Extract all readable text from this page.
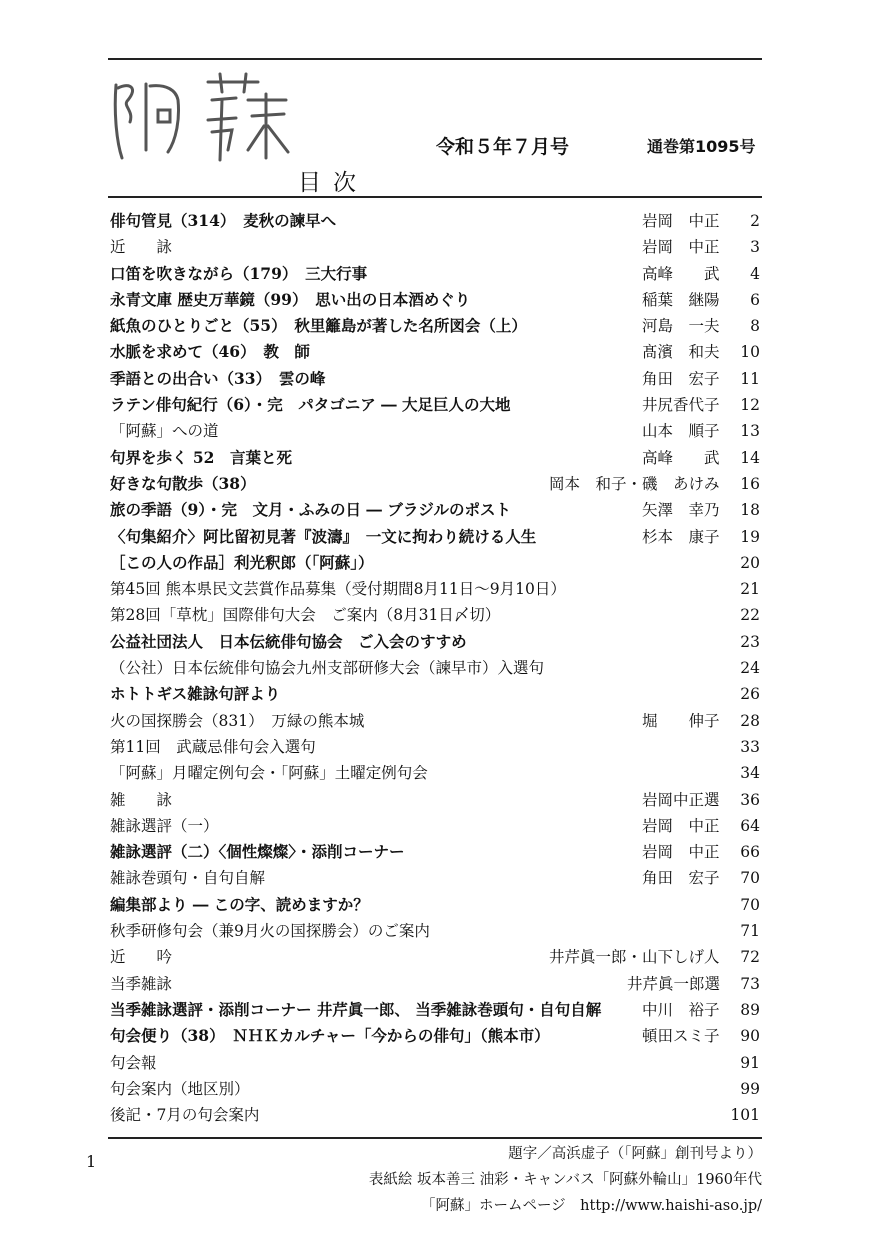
阿蘇
令和５年７月号	通巻第1095号
目次
俳句管見（314）　麦秋の諫早へ	岩岡　中正	2
近　　詠	岩岡　中正	3
口笛を吹きながら（179）　三大行事	高峰　　武	4
永青文庫 歴史万華鏡（99）　思い出の日本酒めぐり	稲葉　継陽	6
紙魚のひとりごと（55）　秋里籬島が著した名所図会（上）	河島　一夫	8
水脈を求めて（46）　教　師	髙濱　和夫	10
季語との出合い（33）　雲の峰	角田　宏子	11
ラテン俳句紀行（6）・完　パタゴニア ― 大足巨人の大地	井尻香代子	12
「阿蘇」への道	山本　順子	13
句界を歩く 52　言葉と死	高峰　　武	14
好きな句散歩（38）	岡本　和子・磯　あけみ	16
旅の季語（9）・完　文月・ふみの日 ― ブラジルのポスト	矢澤　幸乃	18
〈句集紹介〉阿比留初見著『波濤』　一文に拘わり続ける人生	杉本　康子	19
［この人の作品］利光釈郎（「阿蘇」）	20
第45回 熊本県民文芸賞作品募集（受付期間8月11日～9月10日）	21
第28回「草枕」国際俳句大会　ご案内（8月31日〆切）	22
公益社団法人　日本伝統俳句協会　ご入会のすすめ	23
（公社）日本伝統俳句協会九州支部研修大会（諫早市）入選句	24
ホトトギス雑詠句評より	26
火の国探勝会（831）　万緑の熊本城	堀　　伸子	28
第11回　武蔵忌俳句会入選句	33
「阿蘇」月曜定例句会・「阿蘇」土曜定例句会	34
雑　　詠	岩岡中正選	36
雑詠選評（一）	岩岡　中正	64
雑詠選評（二）〈個性燦燦〉・添削コーナー	岩岡　中正	66
雑詠巻頭句・自句自解	角田　宏子	70
編集部より ― この字、読めますか？	70
秋季研修句会（兼9月火の国探勝会）のご案内	71
近　　吟	井芹眞一郎・山下しげ人	72
当季雑詠	井芹眞一郎選	73
当季雑詠選評・添削コーナー 井芹眞一郎、 当季雑詠巻頭句・自句自解	中川　裕子	89
句会便り（38）　ＮＨＫカルチャー「今からの俳句」（熊本市）	頓田スミ子	90
句会報	91
句会案内（地区別）	99
後記・7月の句会案内	101
題字／高浜虚子（「阿蘇」創刊号より）
表紙絵 坂本善三 油彩・キャンバス「阿蘇外輪山」1960年代
「阿蘇」ホームページ　http://www.haishi-aso.jp/
1
